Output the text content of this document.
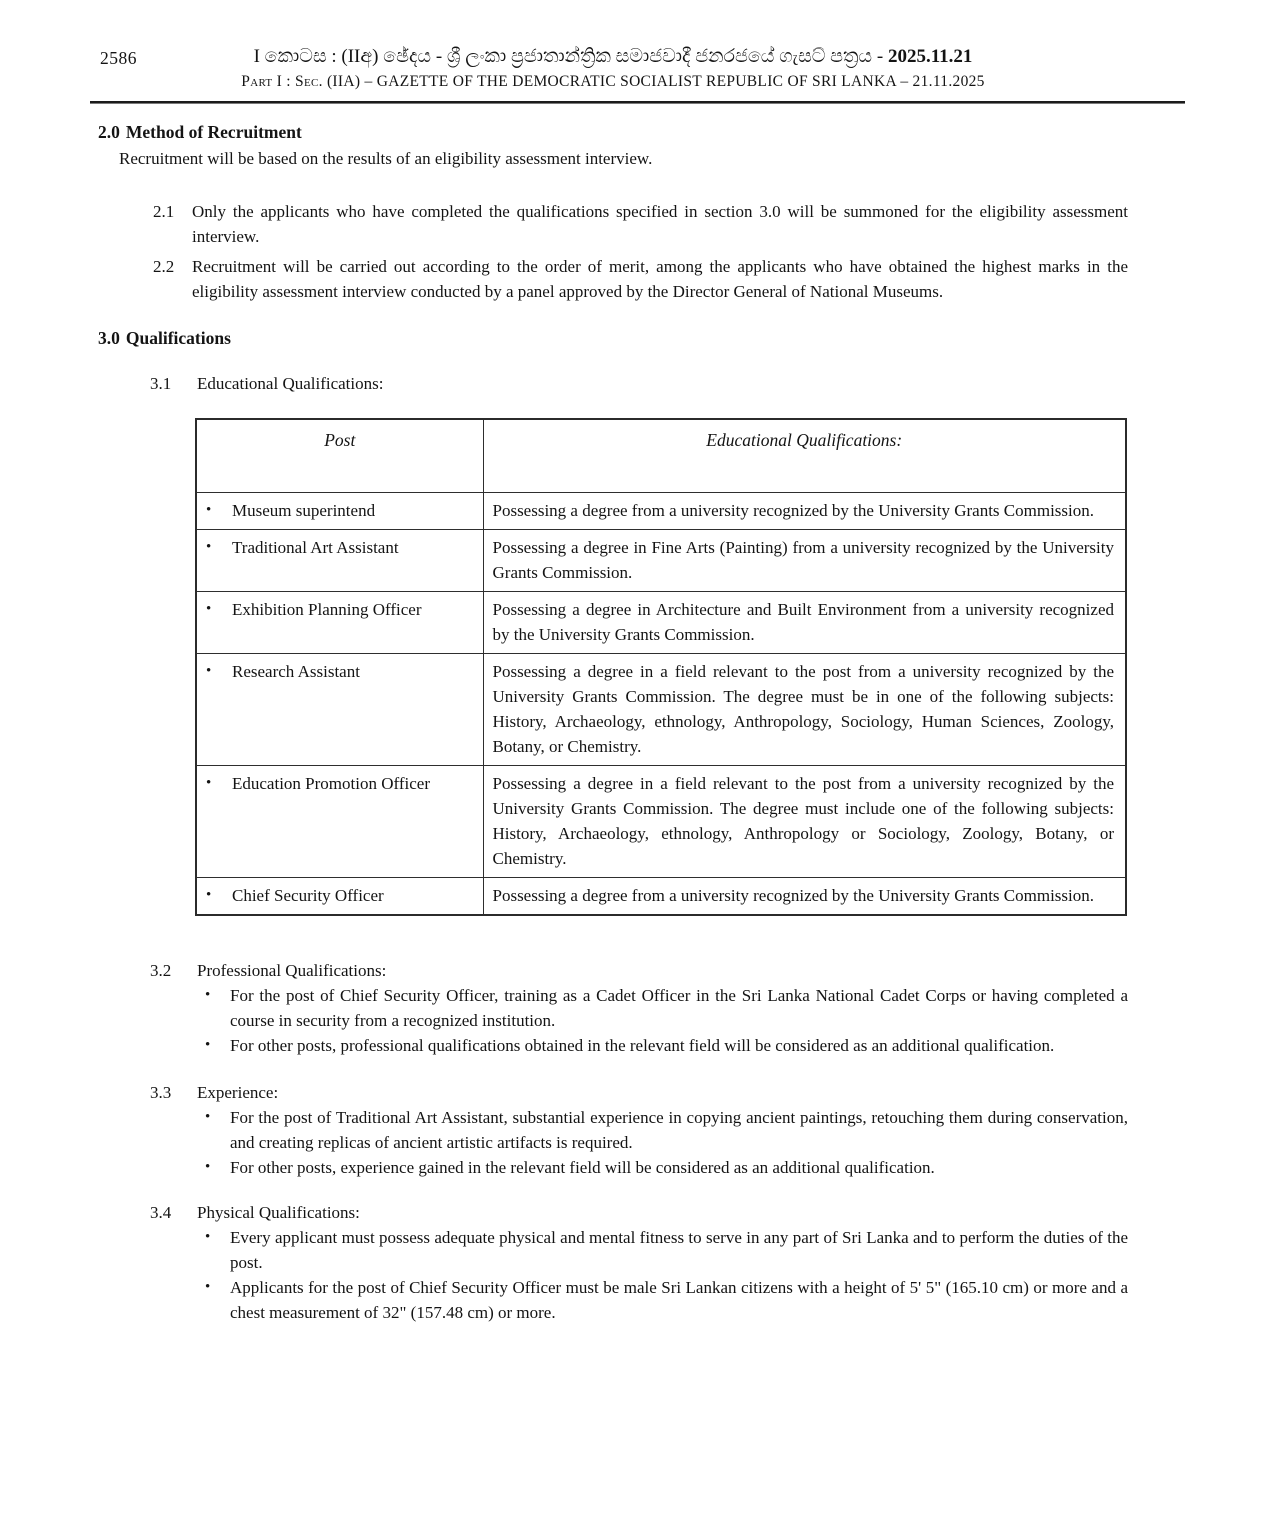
2586	I කොටස : (IIඅ) ඡේදය - ශ්‍රී ලංකා ප්‍රජාතාන්ත්‍රික සමාජවාදී ජනරජයේ ගැසට් පත්‍රය - 2025.11.21
Part I : Sec. (IIA) – GAZETTE OF THE DEMOCRATIC SOCIALIST REPUBLIC OF SRI LANKA – 21.11.2025
2.0 Method of Recruitment

Recruitment will be based on the results of an eligibility assessment interview.

2.1	Only the applicants who have completed the qualifications specified in section 3.0 will be summoned for the eligibility assessment interview.
2.2	Recruitment will be carried out according to the order of merit, among the applicants who have obtained the highest marks in the eligibility assessment interview conducted by a panel approved by the Director General of National Museums.
3.0 Qualifications
3.1	Educational Qualifications:
Post	Educational Qualifications:

• Museum superintend	Possessing a degree from a university recognized by the University Grants Commission.

• Traditional Art Assistant	Possessing a degree in Fine Arts (Painting) from a university recognized by the University Grants Commission.

• Exhibition Planning Officer	Possessing a degree in Architecture and Built Environment from a university recognized by the University Grants Commission.

• Research Assistant	Possessing a degree in a field relevant to the post from a university recognized by the University Grants Commission. The degree must be in one of the following subjects: History, Archaeology, ethnology, Anthropology, Sociology, Human Sciences, Zoology, Botany, or Chemistry.

• Education Promotion Officer	Possessing a degree in a field relevant to the post from a university recognized by the University Grants Commission. The degree must include one of the following subjects: History, Archaeology, ethnology, Anthropology or Sociology, Zoology, Botany, or Chemistry.

• Chief Security Officer	Possessing a degree from a university recognized by the University Grants Commission.
3.2	Professional Qualifications:
•	For the post of Chief Security Officer, training as a Cadet Officer in the Sri Lanka National Cadet Corps or having completed a course in security from a recognized institution.
•	For other posts, professional qualifications obtained in the relevant field will be considered as an additional qualification.
3.3	Experience:
•	For the post of Traditional Art Assistant, substantial experience in copying ancient paintings, retouching them during conservation, and creating replicas of ancient artistic artifacts is required.
•	For other posts, experience gained in the relevant field will be considered as an additional qualification.
3.4	Physical Qualifications:
•	Every applicant must possess adequate physical and mental fitness to serve in any part of Sri Lanka and to perform the duties of the post.
•	Applicants for the post of Chief Security Officer must be male Sri Lankan citizens with a height of 5' 5" (165.10 cm) or more and a chest measurement of 32" (157.48 cm) or more.
